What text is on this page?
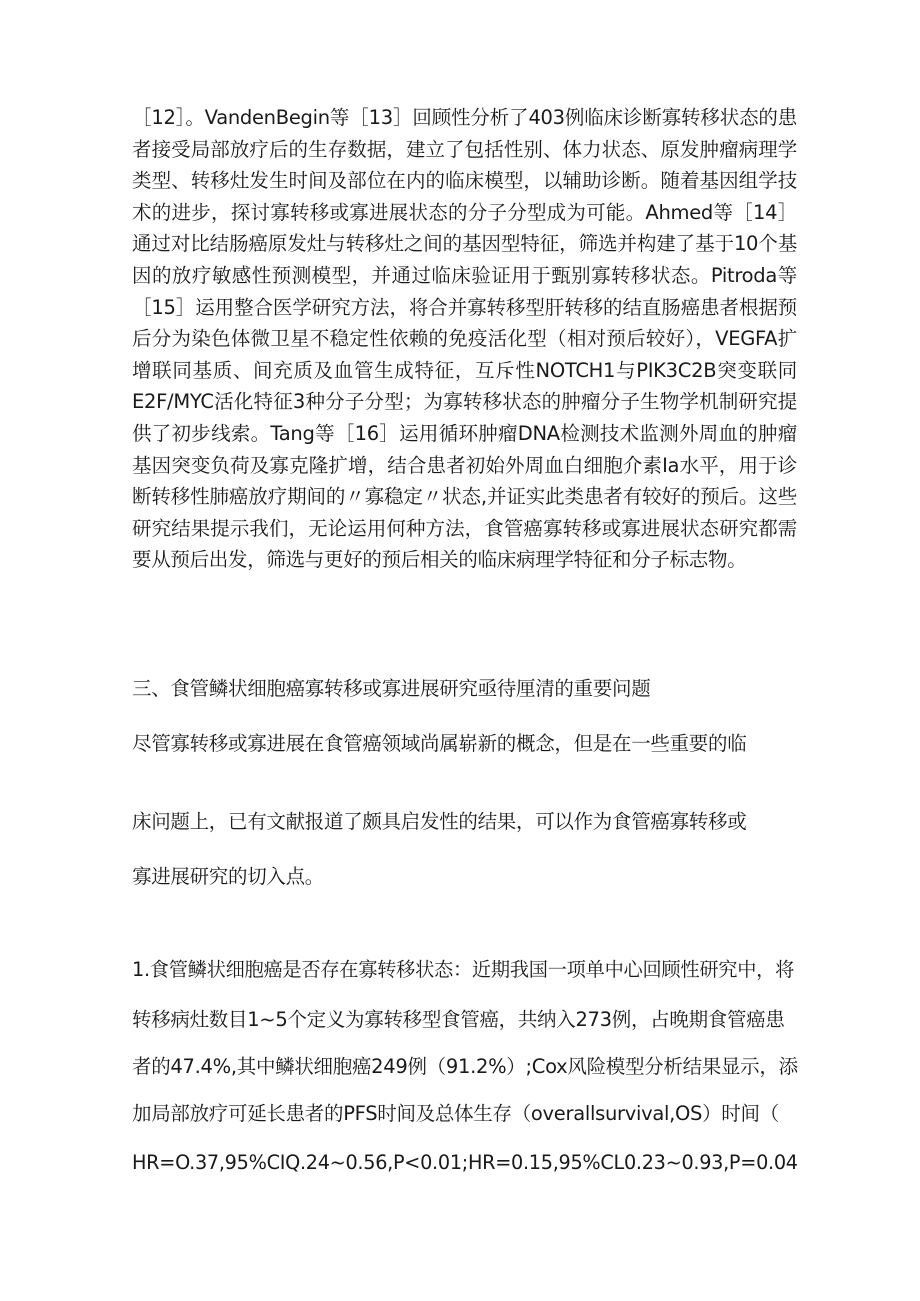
［12］。VandenBegin等［13］回顾性分析了403例临床诊断寡转移状态的患者接受局部放疗后的生存数据，建立了包括性别、体力状态、原发肿瘤病理学类型、转移灶发生时间及部位在内的临床模型，以辅助诊断。随着基因组学技术的进步，探讨寡转移或寡进展状态的分子分型成为可能。Ahmed等［14］通过对比结肠癌原发灶与转移灶之间的基因型特征，筛选并构建了基于10个基因的放疗敏感性预测模型，并通过临床验证用于甄别寡转移状态。Pitroda等［15］运用整合医学研究方法，将合并寡转移型肝转移的结直肠癌患者根据预后分为染色体微卫星不稳定性依赖的免疫活化型（相对预后较好），VEGFA扩增联同基质、间充质及血管生成特征，互斥性NOTCH1与PIK3C2B突变联同E2F/MYC活化特征3种分子分型；为寡转移状态的肿瘤分子生物学机制研究提供了初步线索。Tang等［16］运用循环肿瘤DNA检测技术监测外周血的肿瘤基因突变负荷及寡克隆扩增，结合患者初始外周血白细胞介素Ia水平，用于诊断转移性肺癌放疗期间的〃寡稳定〃状态,并证实此类患者有较好的预后。这些研究结果提示我们，无论运用何种方法，食管癌寡转移或寡进展状态研究都需要从预后出发，筛选与更好的预后相关的临床病理学特征和分子标志物。

三、食管鳞状细胞癌寡转移或寡进展研究亟待厘清的重要问题

尽管寡转移或寡进展在食管癌领域尚属崭新的概念，但是在一些重要的临

床问题上，已有文献报道了颇具启发性的结果，可以作为食管癌寡转移或

寡进展研究的切入点。

1.食管鳞状细胞癌是否存在寡转移状态：近期我国一项单中心回顾性研究中，将

转移病灶数目1~5个定义为寡转移型食管癌，共纳入273例，占晚期食管癌患

者的47.4%,其中鳞状细胞癌249例（91.2%）;Cox风险模型分析结果显示，添

加局部放疗可延长患者的PFS时间及总体生存（overallsurvival,OS）时间（

HR=O.37,95%CIQ.24~0.56,P<0.01;HR=0.15,95%CL0.23~0.93,P=0.04
